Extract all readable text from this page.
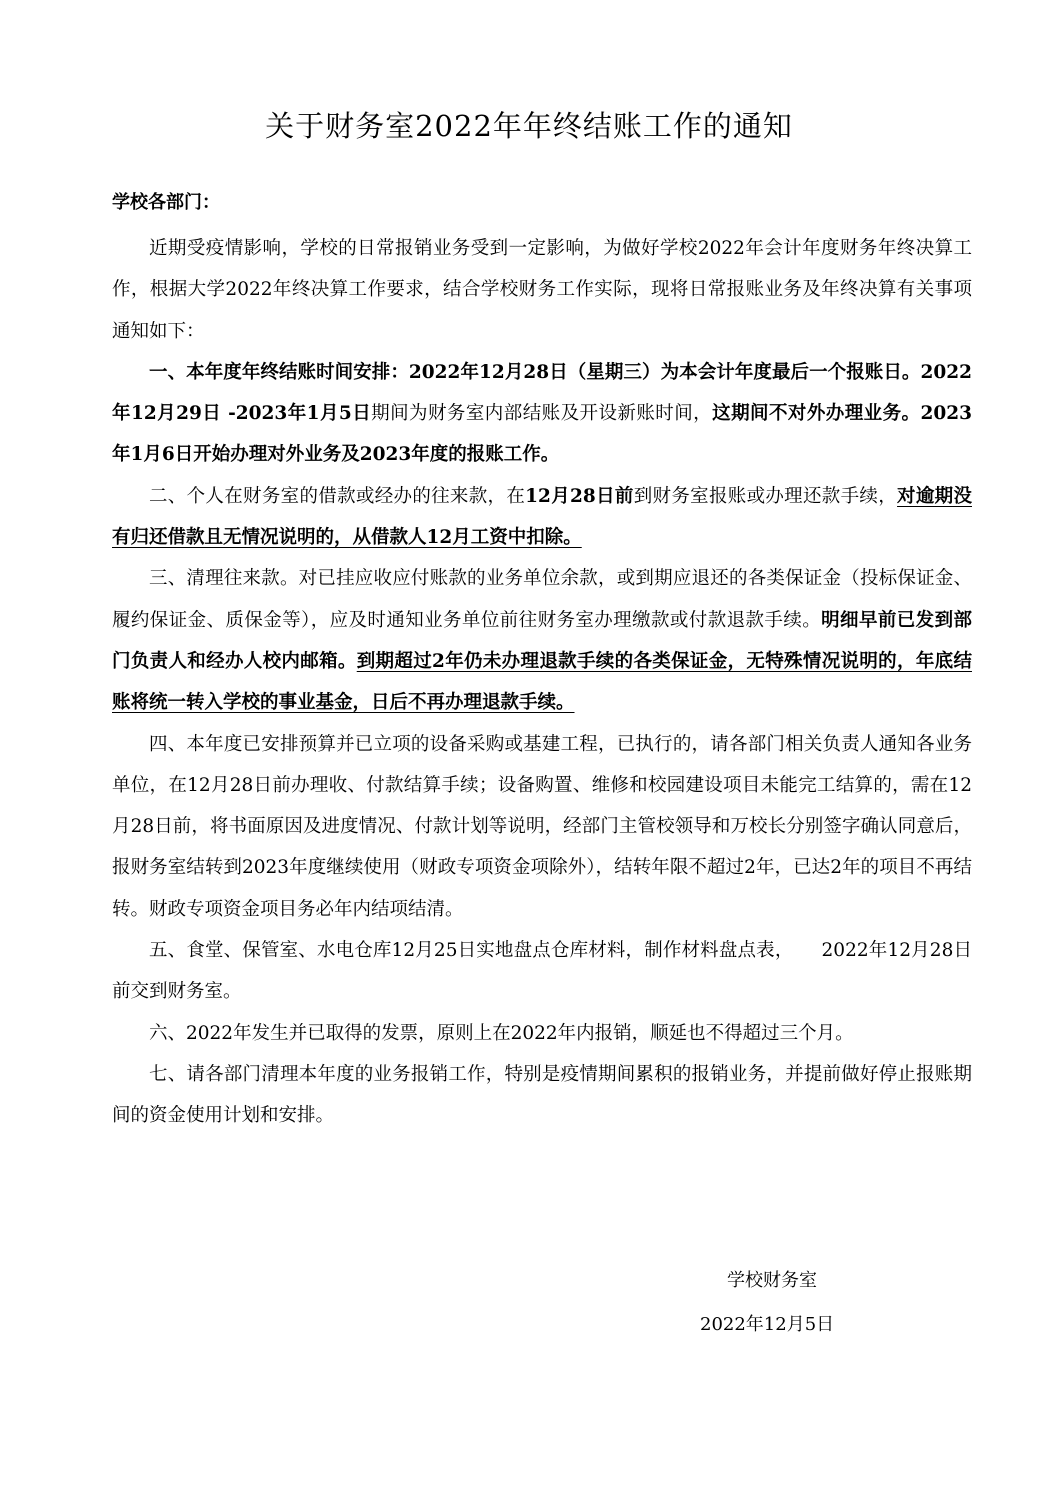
关于财务室2022年年终结账工作的通知
学校各部门：

近期受疫情影响，学校的日常报销业务受到一定影响，为做好学校2022年会计年度财务年终决算工作，根据大学2022年终决算工作要求，结合学校财务工作实际，现将日常报账业务及年终决算有关事项通知如下：

一、本年度年终结账时间安排：2022年12月28日（星期三）为本会计年度最后一个报账日。2022年12月29日 -2023年1月5日期间为财务室内部结账及开设新账时间，这期间不对外办理业务。2023年1月6日开始办理对外业务及2023年度的报账工作。

二、个人在财务室的借款或经办的往来款，在12月28日前到财务室报账或办理还款手续，对逾期没有归还借款且无情况说明的，从借款人12月工资中扣除。

三、清理往来款。对已挂应收应付账款的业务单位余款，或到期应退还的各类保证金（投标保证金、履约保证金、质保金等），应及时通知业务单位前往财务室办理缴款或付款退款手续。明细早前已发到部门负责人和经办人校内邮箱。到期超过2年仍未办理退款手续的各类保证金，无特殊情况说明的，年底结账将统一转入学校的事业基金，日后不再办理退款手续。

四、本年度已安排预算并已立项的设备采购或基建工程，已执行的，请各部门相关负责人通知各业务单位，在12月28日前办理收、付款结算手续；设备购置、维修和校园建设项目未能完工结算的，需在12月28日前，将书面原因及进度情况、付款计划等说明，经部门主管校领导和万校长分别签字确认同意后，报财务室结转到2023年度继续使用（财政专项资金项除外），结转年限不超过2年，已达2年的项目不再结转。财政专项资金项目务必年内结项结清。

五、食堂、保管室、水电仓库12月25日实地盘点仓库材料，制作材料盘点表，　　2022年12月28日前交到财务室。

六、2022年发生并已取得的发票，原则上在2022年内报销，顺延也不得超过三个月。

七、请各部门清理本年度的业务报销工作，特别是疫情期间累积的报销业务，并提前做好停止报账期间的资金使用计划和安排。

学校财务室
2022年12月5日
